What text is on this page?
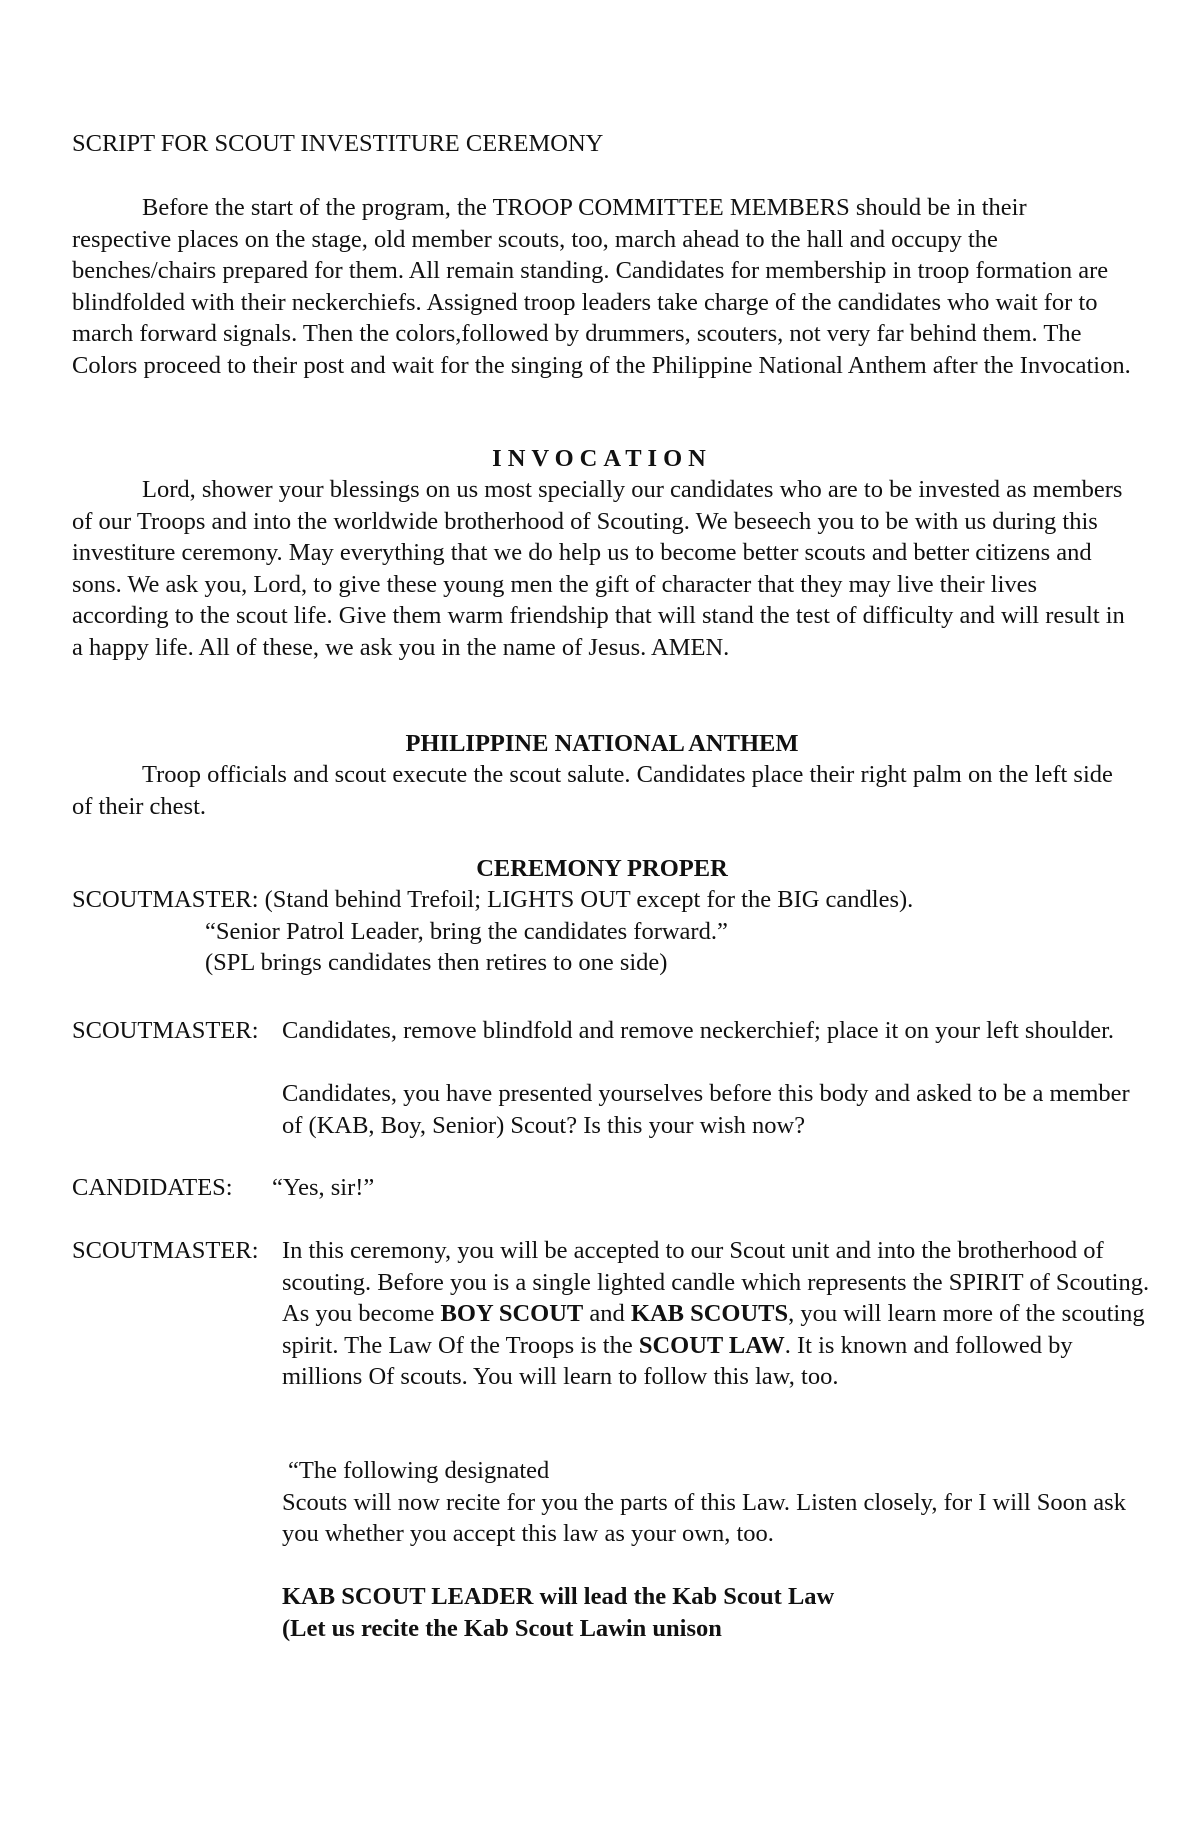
SCRIPT FOR SCOUT INVESTITURE CEREMONY

Before the start of the program, the TROOP COMMITTEE MEMBERS should be in their respective places on the stage, old member scouts, too, march ahead to the hall and occupy the benches/chairs prepared for them. All remain standing. Candidates for membership in troop formation are blindfolded with their neckerchiefs. Assigned troop leaders take charge of the candidates who wait for to march forward signals. Then the colors,followed by drummers, scouters, not very far behind them. The Colors proceed to their post and wait for the singing of the Philippine National Anthem after the Invocation.

INVOCATION

Lord, shower your blessings on us most specially our candidates who are to be invested as members of our Troops and into the worldwide brotherhood of Scouting. We beseech you to be with us during this investiture ceremony. May everything that we do help us to become better scouts and better citizens and sons. We ask you, Lord, to give these young men the gift of character that they may live their lives according to the scout life. Give them warm friendship that will stand the test of difficulty and will result in a happy life. All of these, we ask you in the name of Jesus. AMEN.

PHILIPPINE NATIONAL ANTHEM

Troop officials and scout execute the scout salute. Candidates place their right palm on the left side of their chest.

CEREMONY PROPER
SCOUTMASTER: (Stand behind Trefoil; LIGHTS OUT except for the BIG candles).
“Senior Patrol Leader, bring the candidates forward.”
(SPL brings candidates then retires to one side)
SCOUTMASTER: Candidates, remove blindfold and remove neckerchief; place it on your left shoulder.

Candidates, you have presented yourselves before this body and asked to be a member of (KAB, Boy, Senior) Scout? Is this your wish now?

CANDIDATES: “Yes, sir!”
SCOUTMASTER: In this ceremony, you will be accepted to our Scout unit and into the brotherhood of scouting. Before you is a single lighted candle which represents the SPIRIT of Scouting. As you become BOY SCOUT and KAB SCOUTS, you will learn more of the scouting spirit. The Law Of the Troops is the SCOUT LAW. It is known and followed by millions Of scouts. You will learn to follow this law, too.

“The following designated
Scouts will now recite for you the parts of this Law. Listen closely, for I will Soon ask you whether you accept this law as your own, too.
KAB SCOUT LEADER will lead the Kab Scout Law
(Let us recite the Kab Scout Lawin unison
